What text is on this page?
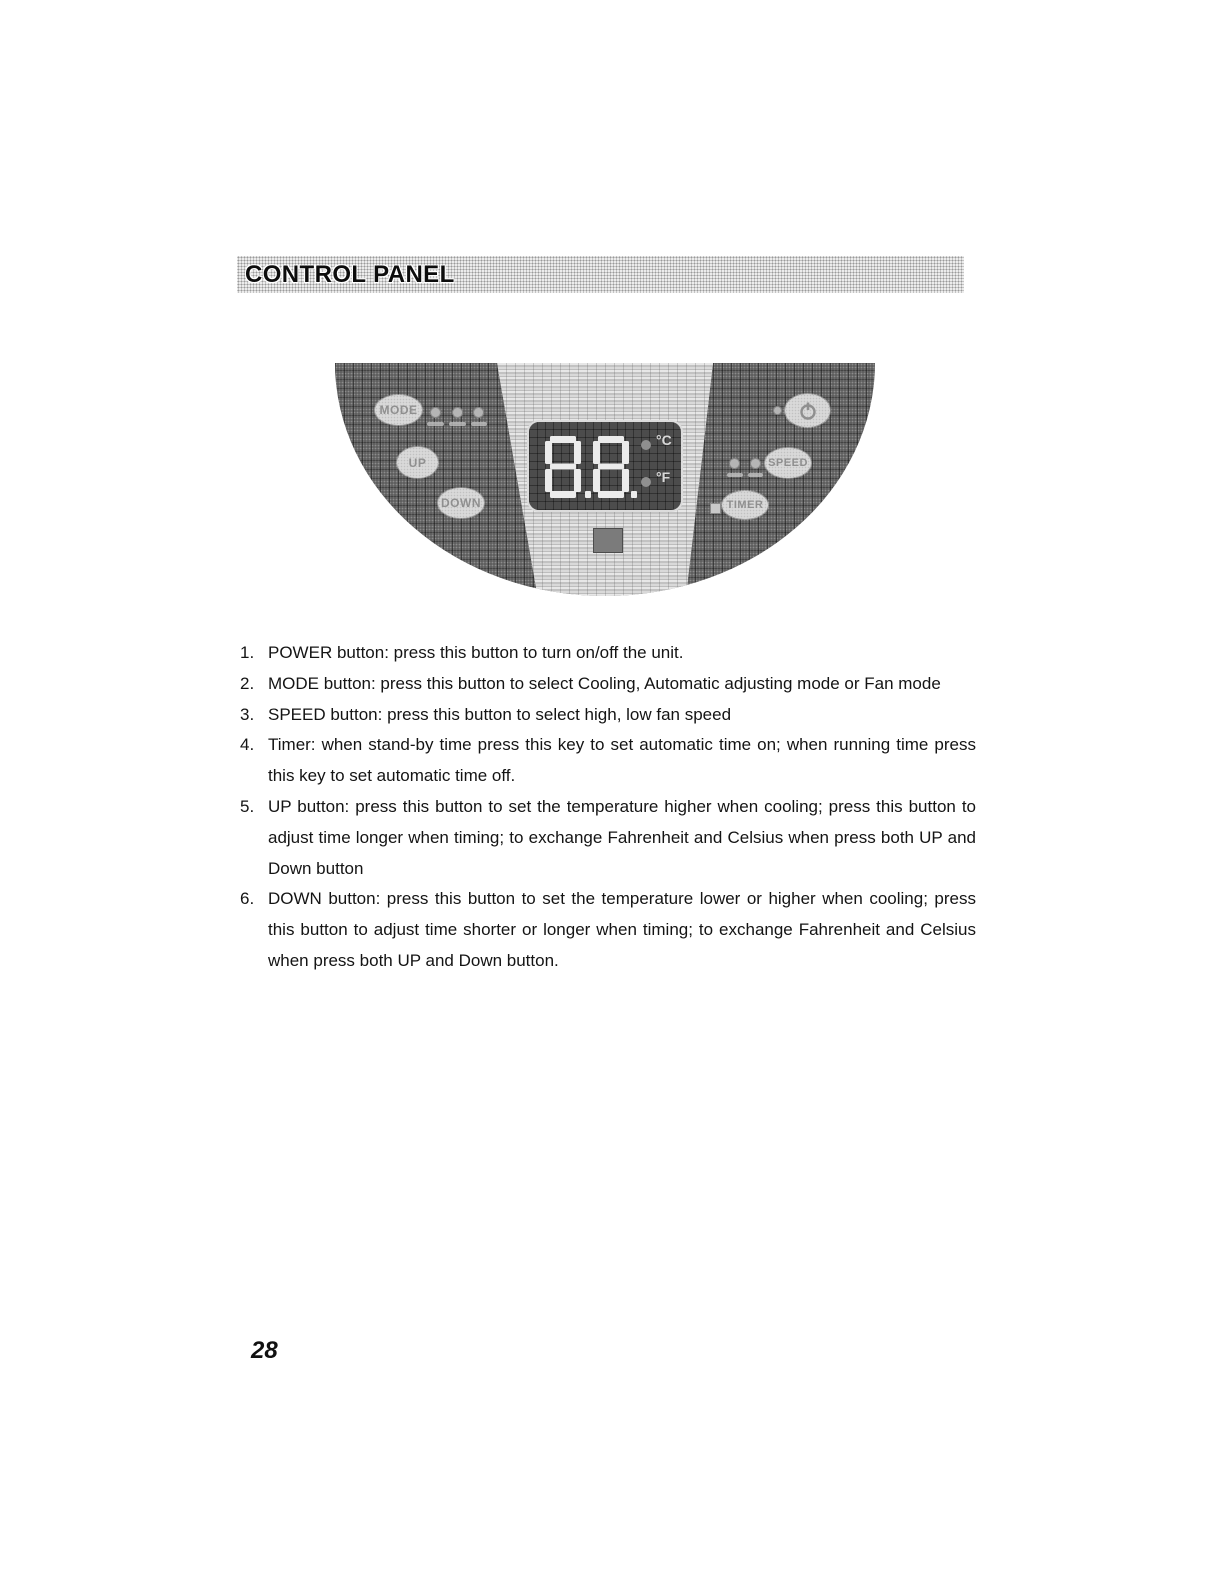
CONTROL PANEL
MODE
UP
DOWN
SPEED
TIMER
°C
°F
1. POWER button: press this button to turn on/off the unit.
2. MODE button: press this button to select Cooling, Automatic adjusting mode or Fan mode
3. SPEED button: press this button to select high, low fan speed
4. Timer: when stand-by time press this key to set automatic time on; when running time press this key to set automatic time off.
5. UP button: press this button to set the temperature higher when cooling; press this button to adjust time longer when timing; to exchange Fahrenheit and Celsius when press both UP and Down button
6. DOWN button: press this button to set the temperature lower or higher when cooling; press this button to adjust time shorter or longer when timing; to exchange Fahrenheit and Celsius when press both UP and Down button.
28
